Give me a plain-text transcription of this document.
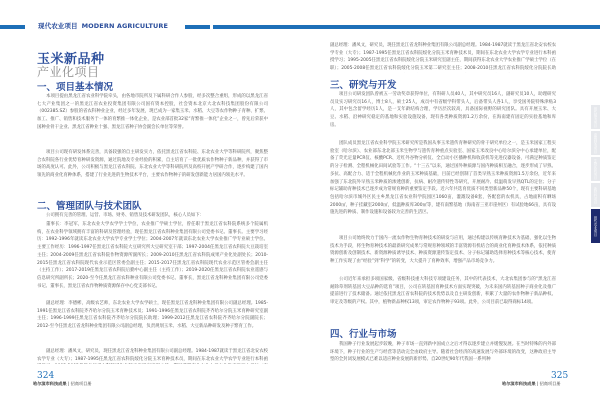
现代农业项目 MODERN AGRICULTURE
玉米新品种
产业化项目
一、项目基本情况
本项目提由黑龙江省农业科学院牵头，由各地市院所及下属科研合作人参股，经多次整合重组，形成的以黑龙江省七大产业集团之一的黑龙江省农业投资集团有限公司国有资本控股，社会资本北京大北农科技集团股份有限公司（002385.SZ）参股的省农科种业企业，经过多年发展，现已成为一家集玉米、水稻、大豆等农作物种子育种、扩繁、加工、推广、销售和技术服务于一体的育繁推一体化企业，是农业部首批32家“育繁推一体化”企业之一，曾先后荣获中国种业骨干企业、黑龙江省种业十强、黑龙江省种子协会副会长单位等荣誉。
项目公司现有研发体系完善，具备较强的自主研发实力，依托黑龙江省农科院、东北农业大学等科研院所，聚焦整合农科院各行业优势育种研发资源，通过院地及专业经验的积累，自主培育了一批优质农作物种子新品种，并获得了市场的高度认可。此外，公司积极与黑龙江省农科院、东北农业大学等科研院所及高校开展产学研合作，逐步构建了国内领先的商业化育种体系，搭建了行业先进的生物技术平台，主要农作物种子的研发创新能力居国内领先水平。
二、管理团队与技术团队
公司拥有完善的管理、运营、市场、财务、销售及技术研发团队，核心人员如下：
董事长：李冠军，东北农业大学农学学士学位，农业推广学硕士学位，曾任职于黑龙江省农科院系统多个院属机构，在农业科学领域拥有丰富的科研及管理经验，现任黑龙江省农科种业集团有限公司党委书记、董事长。主要学习经历：1992-1996年就读东北农业大学农学专业学士学位；2004-2007年就读东北农业大学农业推广学专业硕士学位。主要工作经历：1996-1997任黑龙江省农科院大豆研究所大豆研究室干部；1997-2004任黑龙江省农科院大豆栽培室主任；2004-2009任黑龙江省农科院作物资源所副所长；2009-2010任黑龙江省农科院成果产业化处副处长；2010-2015任黑龙江省农科院现代农业示范区管委会副主任；2015-2017任黑龙江省农科院现代农业示范区管委会副主任（主持工作）；2017-2019任黑龙江省农科院后勤中心副主任（主持工作）；2019-2020任黑龙江省农科院农业遥感与信息研究所副所长；2020-至今任黑龙江省农科种业有限公司党委书记、董事长，黑龙江省龙科种业集团有限公司党委书记、董事长，黑龙江省农作物种质资源保存中心党支部书记。
副总经理：李德彬，高级农艺师，东北农业大学农学硕士，现任黑龙江省龙科种业集团有限公司副总经理。1985-1991任黑龙江省农科院齐齐哈尔分院玉米育种技术员；1991-1996任黑龙江省农科院齐齐哈尔分院玉米育种研究室副主任；1996-1999任黑龙江省农科院齐齐哈尔分院院长助理；1999-2012任黑龙江省农科院齐齐哈尔分院副院长；2012-至今任黑龙江省龙科种业集团有限公司副总经理，负责规划玉米、水稻、大豆新品种研发及种子繁育工作。
副总经理：潘凤文，研究员，现任黑龙江省龙科种业集团有限公司副总经理。1984-1987就读于黑龙江省北安农校农学专业（大专）；1987-1995任黑龙江省农科院绥化分院玉米育种技术员，期间在东北农业大学农学专业进行本科函
324
哈尔滨市科技成果 | 招商项目册
副总经理：潘凤文，研究员，现任黑龙江省龙科种业集团有限公司副总经理。1984-1987就读于黑龙江省北安农校农学专业（大专）；1987-1995任黑龙江省农科院绥化分院玉米育种技术员，期间在东北农业大学农学专业进行本科函授学习；1995-2005任黑龙江省农科院绥化分院玉米研究室副主任，期间获得东北农业大学农业推广学硕士学位（在职）；2005-2008任黑龙江省农科院绥化分院玉米第二研究室主任；2008-2010任黑龙江省农科院绥化分院院长助
三、研究与开发
项目公司研发团队曾被五一劳动奖章获得单位，有科研人员40人，其中研究员16人，副研究员10人，助理研究员及实习研究员16人，博士8人，硕士25人，成员中有省级学科带头人，后备带头人各1人，享受国务院特殊津贴3人，其中包含留学经历1人，是一支年龄结构合理，学历层次较高，具备国际视野的研究团队。具有开展玉米、大豆、水稻、沿神研究稳定的基地和实验设施设备，现有各类种质资源1.2万余份，在海南建有固定的实验基地和库房。
团队成员黑龙江省农业科学院玉米研究所是我国从事玉米遗传育种研究的骨干研究单位之一，是玉米国家工程实验室（哈尔滨）、农业部东北北部玉米生物学与遗传育种重点实验室、国家玉米改良中心哈尔滨分中心承建单位，配备了荧光定量PCR仪、核酸PCR、近红外谷物分析仪、全自动小区播种机和收获机等先进仪器设备，可满足种质鉴定的分子检测、全程机械化田间试验等工作。“十三五”以来，通过国外种质源与国内种质相互融合，逐步形成了早熟、多抗、高配合力、适于全程机械化作业的玉米种质基础，目前已经创制了首类早熟玉米种质资源1.5万余份，近年来加强了东北院外早熟玉米种质的渗透创新，抗病、耐冷遗传特性等研究，开展耐冷、低温萌发早熟QTL的定位；分子标记辅助育种技术已逐步成为常规育种的重要鉴定手段。近六年共选育优质不同类型新品种50个，现有主要科研基地包括哈尔滨市城外区民主乡黑龙江省农业科学院园区1060亩，灌溉设备8套，各配套的农机具，占地面积有晒场2000㎡，种子挂藏室2000㎡，低温种质库300㎡等，建有南繁基地（海南省三亚市崖州区）有试验地66亩，具有设施先进的种质、制作设施和设备较为完善的生活区。
项目公司始终致力于国内一流农作物生物育种技术的研发与应用，通过构建以传统育种技术为基础，强化以生物技术为手段，将生物育种技术的最新研究成果与常规育种领域的丰富资源有机结合的商业化育种技术体系，依托种质资源创新及创制技术、新资源种质诱导技术、种质资源遗传鉴定技术、分子标记辅助选择育种技术等核心技术，使育种工作实现了由“经验”到“科学”的转变，大大提升了育种效率，增强产品市场竞争力。
公司近年来承担多项国家级、省级科技重大科技专项建设任务，其中的代表技术，大北农集团参与的“黑龙江省耐除草剂转基因大豆品种的选育”项目，公司在转基因育种技术方面实现突破，为未来国内转基因种子商业化及推广提前进行了技术储备。通过依托黑龙江省农科院的技术优势以及自主研发创新，积累了大量的农作物种子新品种权、审定及等级的产权。其中，植物新品种权13项，审定农作物种子93项。此外，公司目前已取得商标14项。
四、行业与市场
我国种子行业发展起步较晚，种子市场一直到新中国成立之后才得以逐步建立并缓慢发展。在当时特殊的内外部环境下，种子行业的生产与经营等活动完全由政府主导。随着社会经济的高速发展与外部环境的改变，这种政府主导型的全封闭发展模式已难以适应种业发展的新形势。自20世纪90年代我国一系列种
325
哈尔滨市科技成果 | 招商项目册
现代服务项目
高端制造项目
生物医药项目
新材料项目
现代农业项目
